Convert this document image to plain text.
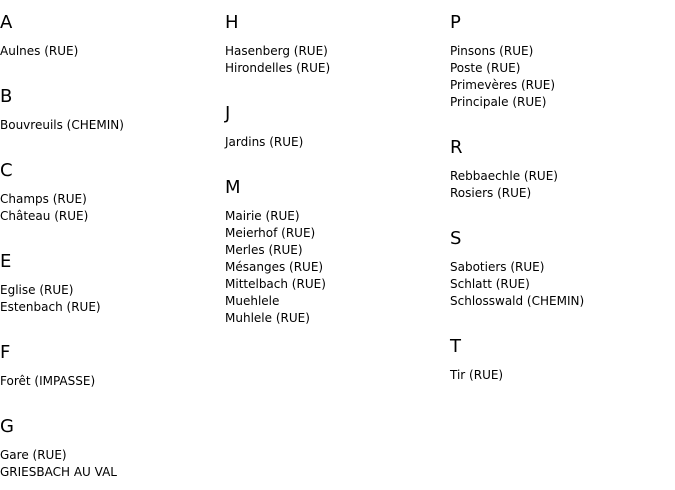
A
Aulnes (RUE)
B
Bouvreuils (CHEMIN)
C
Champs (RUE)
Château (RUE)
E
Eglise (RUE)
Estenbach (RUE)
F
Forêt (IMPASSE)
G
Gare (RUE)
GRIESBACH AU VAL
H
Hasenberg (RUE)
Hirondelles (RUE)
J
Jardins (RUE)
M
Mairie (RUE)
Meierhof (RUE)
Merles (RUE)
Mésanges (RUE)
Mittelbach (RUE)
Muehlele
Muhlele (RUE)
P
Pinsons (RUE)
Poste (RUE)
Primevères (RUE)
Principale (RUE)
R
Rebbaechle (RUE)
Rosiers (RUE)
S
Sabotiers (RUE)
Schlatt (RUE)
Schlosswald (CHEMIN)
T
Tir (RUE)
